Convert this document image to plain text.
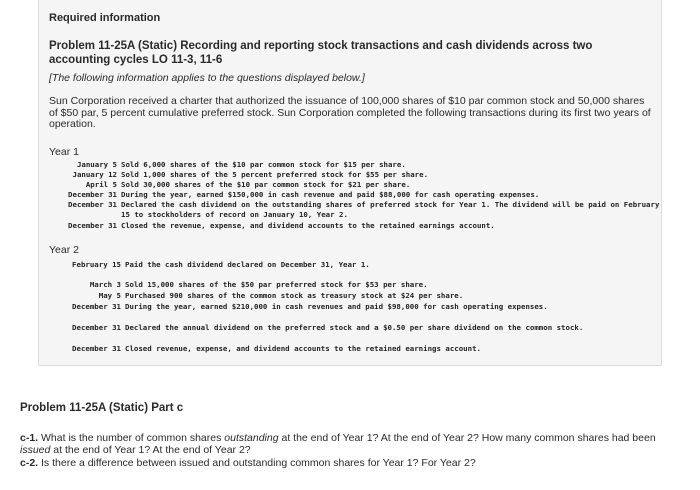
Required information
Problem 11-25A (Static) Recording and reporting stock transactions and cash dividends across two accounting cycles LO 11-3, 11-6
[The following information applies to the questions displayed below.]
Sun Corporation received a charter that authorized the issuance of 100,000 shares of $10 par common stock and 50,000 shares of $50 par, 5 percent cumulative preferred stock. Sun Corporation completed the following transactions during its first two years of operation.
Year 1
January 5 Sold 6,000 shares of the $10 par common stock for $15 per share.
January 12 Sold 1,000 shares of the 5 percent preferred stock for $55 per share.
April 5 Sold 30,000 shares of the $10 par common stock for $21 per share.
December 31 During the year, earned $150,000 in cash revenue and paid $88,000 for cash operating expenses.
December 31 Declared the cash dividend on the outstanding shares of preferred stock for Year 1. The dividend will be paid on February 15 to stockholders of record on January 10, Year 2.
December 31 Closed the revenue, expense, and dividend accounts to the retained earnings account.
Year 2
February 15 Paid the cash dividend declared on December 31, Year 1.
March 3 Sold 15,000 shares of the $50 par preferred stock for $53 per share.
May 5 Purchased 900 shares of the common stock as treasury stock at $24 per share.
December 31 During the year, earned $210,000 in cash revenues and paid $98,000 for cash operating expenses.
December 31 Declared the annual dividend on the preferred stock and a $0.50 per share dividend on the common stock.
December 31 Closed revenue, expense, and dividend accounts to the retained earnings account.
Problem 11-25A (Static) Part c
c-1. What is the number of common shares outstanding at the end of Year 1? At the end of Year 2? How many common shares had been issued at the end of Year 1? At the end of Year 2?
c-2. Is there a difference between issued and outstanding common shares for Year 1? For Year 2?
